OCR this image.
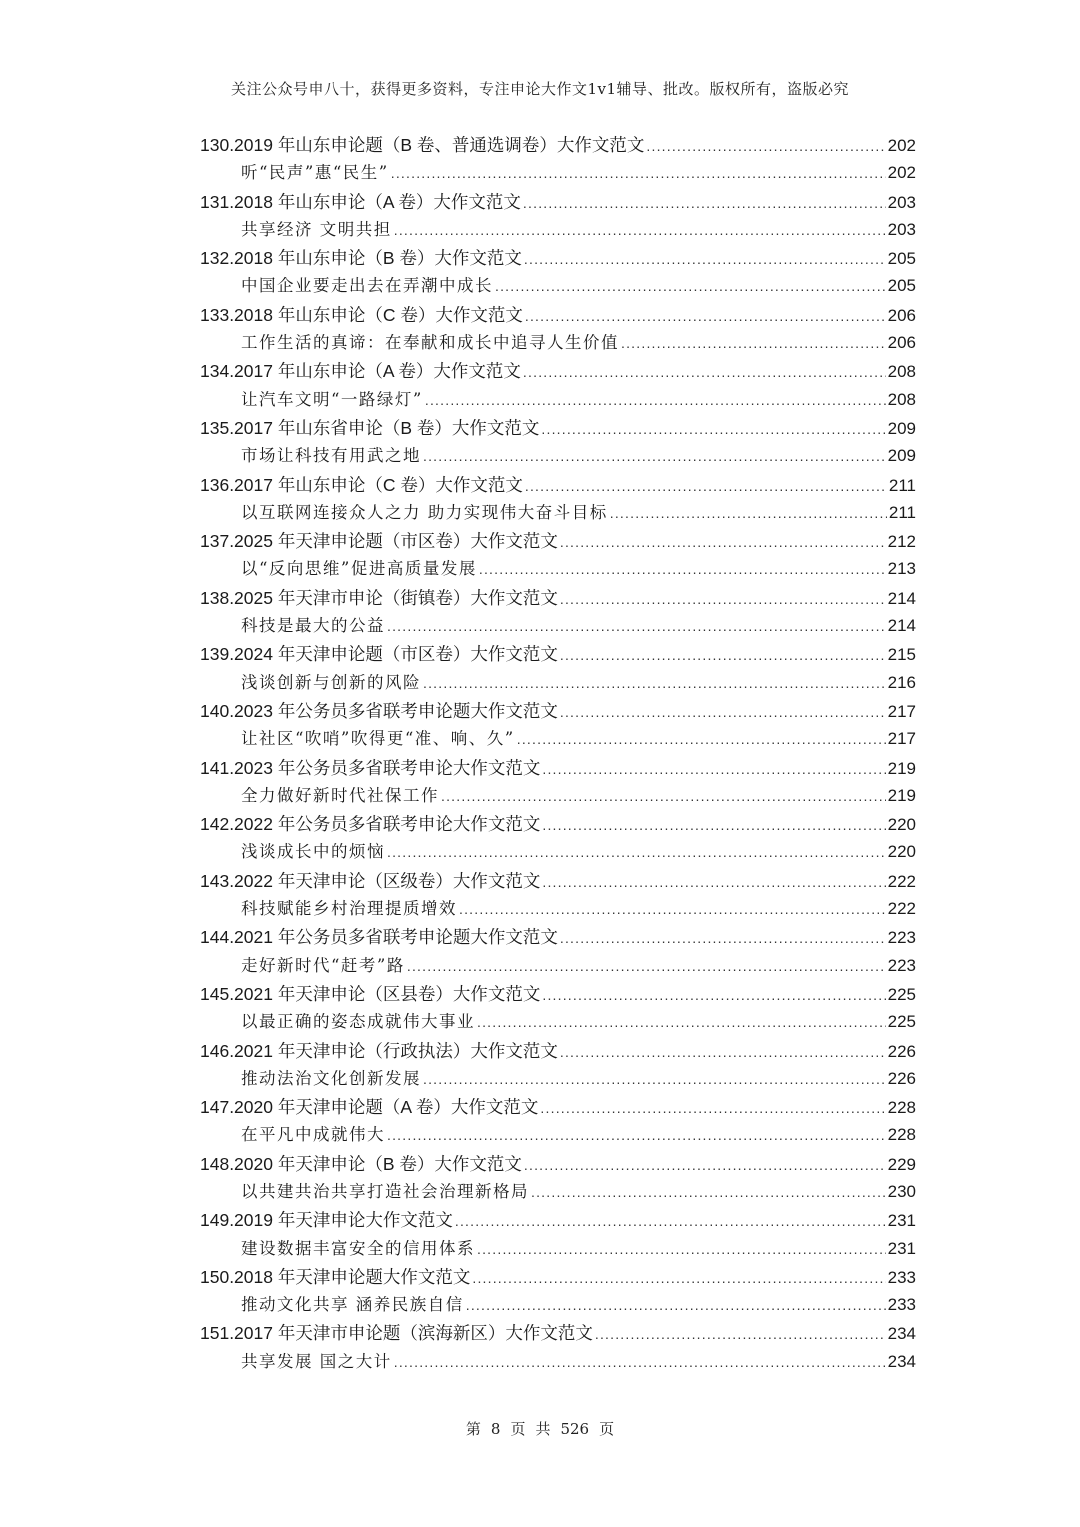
关注公众号申八十，获得更多资料，专注申论大作文1v1辅导、批改。版权所有，盗版必究
130.2019 年山东申论题（B 卷、普通选调卷）大作文范文 .....	202
听“民声”惠“民生” .....	202
131.2018 年山东申论（A 卷）大作文范文 .....	203
共享经济 文明共担 .....	203
132.2018 年山东申论（B 卷）大作文范文 .....	205
中国企业要走出去在弄潮中成长 .....	205
133.2018 年山东申论（C 卷）大作文范文 .....	206
工作生活的真谛：在奉献和成长中追寻人生价值 .....	206
134.2017 年山东申论（A 卷）大作文范文 .....	208
让汽车文明“一路绿灯” .....	208
135.2017 年山东省申论（B 卷）大作文范文 .....	209
市场让科技有用武之地 .....	209
136.2017 年山东申论（C 卷）大作文范文 .....	211
以互联网连接众人之力 助力实现伟大奋斗目标 .....	211
137.2025 年天津申论题（市区卷）大作文范文 .....	212
以“反向思维”促进高质量发展 .....	213
138.2025 年天津市申论（街镇卷）大作文范文 .....	214
科技是最大的公益 .....	214
139.2024 年天津申论题（市区卷）大作文范文 .....	215
浅谈创新与创新的风险 .....	216
140.2023 年公务员多省联考申论题大作文范文 .....	217
让社区“吹哨”吹得更“准、响、久” .....	217
141.2023 年公务员多省联考申论大作文范文 .....	219
全力做好新时代社保工作 .....	219
142.2022 年公务员多省联考申论大作文范文 .....	220
浅谈成长中的烦恼 .....	220
143.2022 年天津申论（区级卷）大作文范文 .....	222
科技赋能乡村治理提质增效 .....	222
144.2021 年公务员多省联考申论题大作文范文 .....	223
走好新时代“赶考”路 .....	223
145.2021 年天津申论（区县卷）大作文范文 .....	225
以最正确的姿态成就伟大事业 .....	225
146.2021 年天津申论（行政执法）大作文范文 .....	226
推动法治文化创新发展 .....	226
147.2020 年天津申论题（A 卷）大作文范文 .....	228
在平凡中成就伟大 .....	228
148.2020 年天津申论（B 卷）大作文范文 .....	229
以共建共治共享打造社会治理新格局 .....	230
149.2019 年天津申论大作文范文 .....	231
建设数据丰富安全的信用体系 .....	231
150.2018 年天津申论题大作文范文 .....	233
推动文化共享 涵养民族自信 .....	233
151.2017 年天津市申论题（滨海新区）大作文范文 .....	234
共享发展 国之大计 .....	234
第 8 页 共 526 页
